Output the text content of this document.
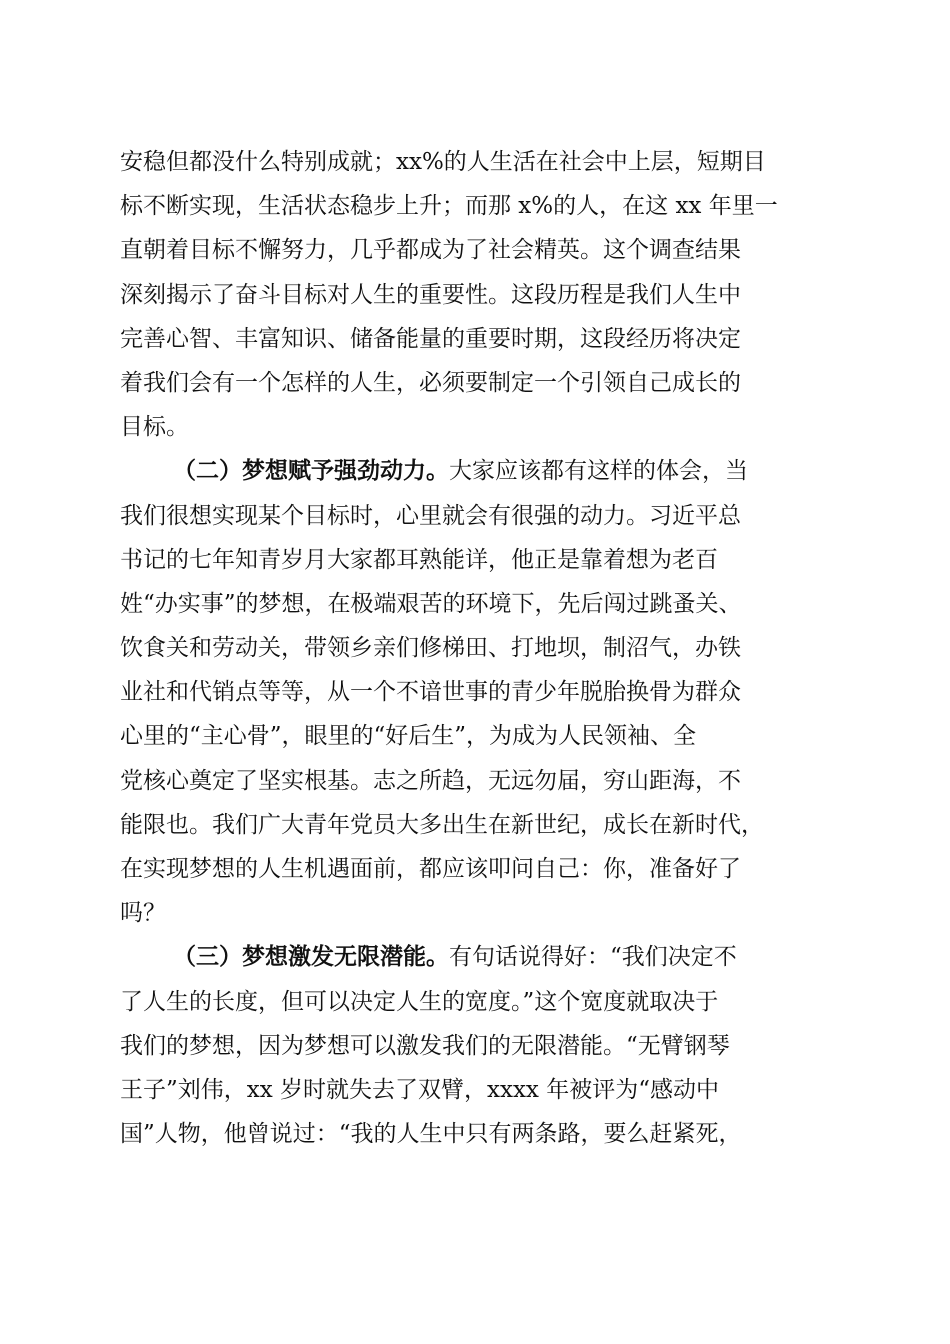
安稳但都没什么特别成就；xx%的人生活在社会中上层，短期目
标不断实现，生活状态稳步上升；而那 x%的人，在这 xx 年里一
直朝着目标不懈努力，几乎都成为了社会精英。这个调查结果
深刻揭示了奋斗目标对人生的重要性。这段历程是我们人生中
完善心智、丰富知识、储备能量的重要时期，这段经历将决定
着我们会有一个怎样的人生，必须要制定一个引领自己成长的
目标。
（二）梦想赋予强劲动力。大家应该都有这样的体会，当
我们很想实现某个目标时，心里就会有很强的动力。习近平总
书记的七年知青岁月大家都耳熟能详，他正是靠着想为老百
姓“办实事”的梦想，在极端艰苦的环境下，先后闯过跳蚤关、
饮食关和劳动关，带领乡亲们修梯田、打地坝，制沼气，办铁
业社和代销点等等，从一个不谙世事的青少年脱胎换骨为群众
心里的“主心骨”，眼里的“好后生”，为成为人民领袖、全
党核心奠定了坚实根基。志之所趋，无远勿届，穷山距海，不
能限也。我们广大青年党员大多出生在新世纪，成长在新时代，
在实现梦想的人生机遇面前，都应该叩问自己：你，准备好了
吗？
（三）梦想激发无限潜能。有句话说得好：“我们决定不
了人生的长度，但可以决定人生的宽度。”这个宽度就取决于
我们的梦想，因为梦想可以激发我们的无限潜能。“无臂钢琴
王子”刘伟，xx 岁时就失去了双臂，xxxx 年被评为“感动中
国”人物，他曾说过：“我的人生中只有两条路，要么赶紧死，
